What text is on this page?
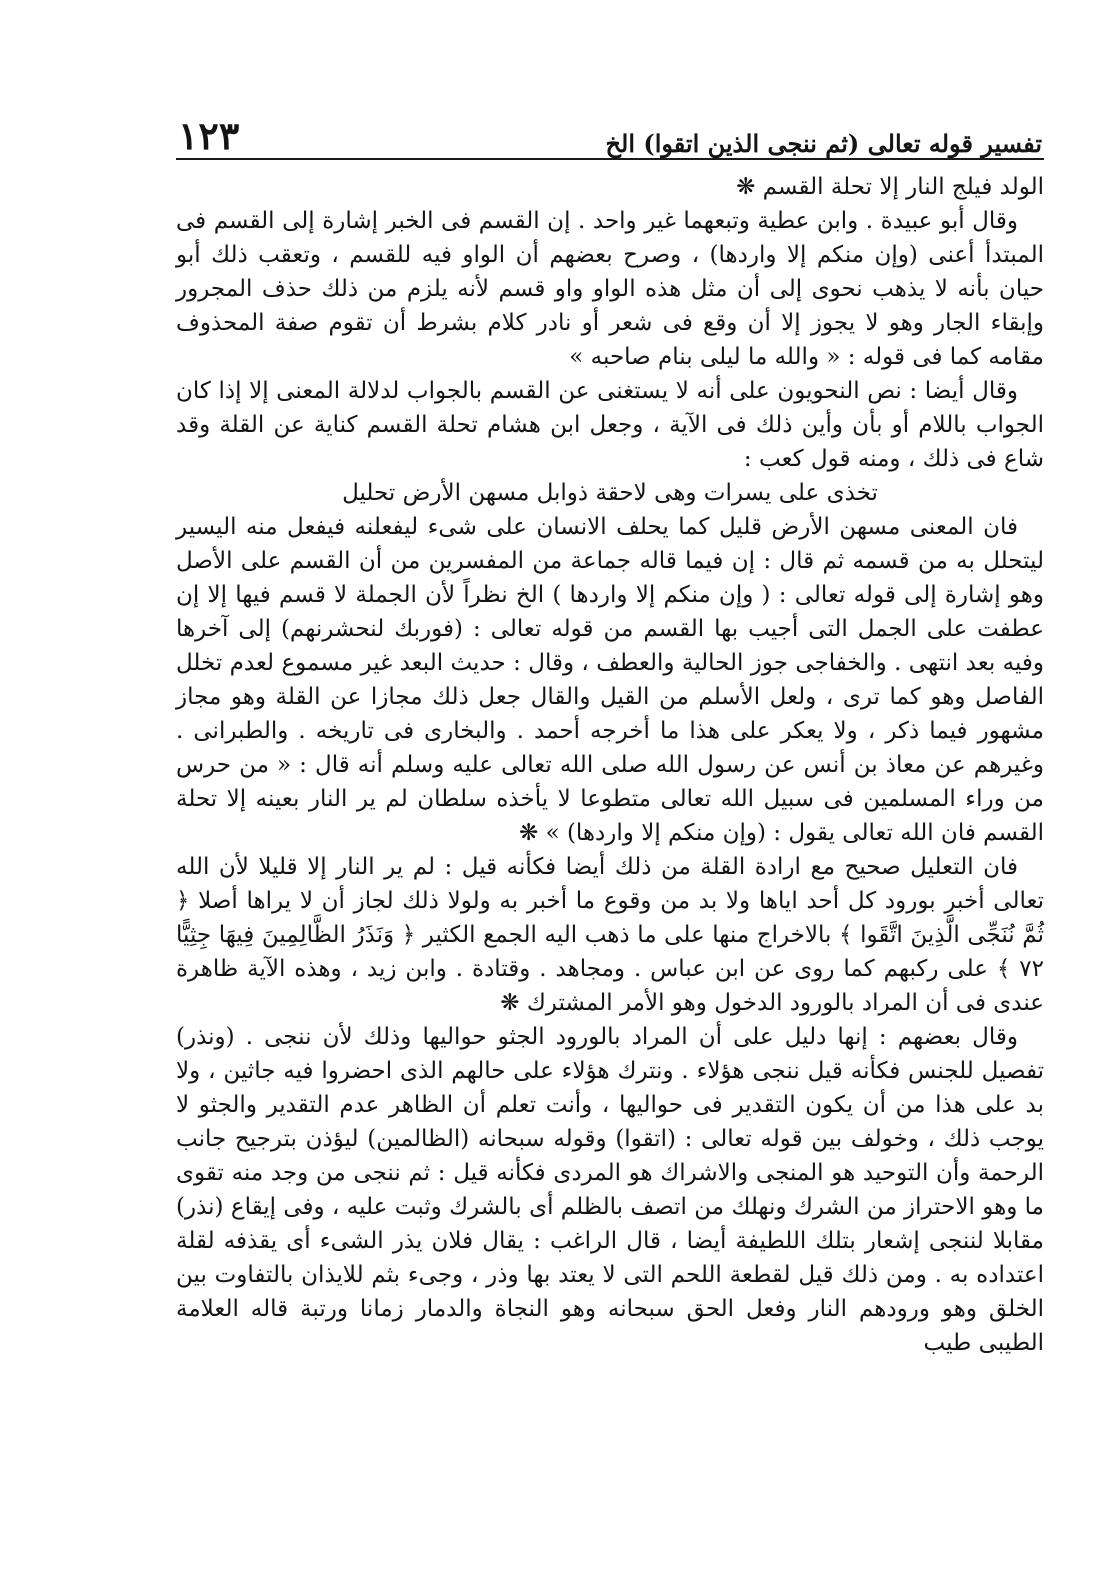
تفسير قوله تعالى (ثم ننجى الذين اتقوا) الخ
١٢٣

الولد فيلج النار إلا تحلة القسم ❋

وقال أبو عبيدة . وابن عطية وتبعهما غير واحد . إن القسم فى الخبر إشارة إلى القسم فى المبتدأ أعنى (وإن منكم إلا واردها) ، وصرح بعضهم أن الواو فيه للقسم ، وتعقب ذلك أبو حيان بأنه لا يذهب نحوى إلى أن مثل هذه الواو واو قسم لأنه يلزم من ذلك حذف المجرور وإبقاء الجار وهو لا يجوز إلا أن وقع فى شعر أو نادر كلام بشرط أن تقوم صفة المحذوف مقامه كما فى قوله : « والله ما ليلى بنام صاحبه »

وقال أيضا : نص النحويون على أنه لا يستغنى عن القسم بالجواب لدلالة المعنى إلا إذا كان الجواب باللام أو بأن وأين ذلك فى الآية ، وجعل ابن هشام تحلة القسم كناية عن القلة وقد شاع فى ذلك ، ومنه قول كعب :

تخذى على يسرات وهى لاحقة ذوابل مسهن الأرض تحليل

فان المعنى مسهن الأرض قليل كما يحلف الانسان على شىء ليفعلنه فيفعل منه اليسير ليتحلل به من قسمه ثم قال : إن فيما قاله جماعة من المفسرين من أن القسم على الأصل وهو إشارة إلى قوله تعالى : ( وإن منكم إلا واردها ) الخ نظراً لأن الجملة لا قسم فيها إلا إن عطفت على الجمل التى أجيب بها القسم من قوله تعالى : (فوربك لنحشرنهم) إلى آخرها وفيه بعد انتهى . والخفاجى جوز الحالية والعطف ، وقال : حديث البعد غير مسموع لعدم تخلل الفاصل وهو كما ترى ، ولعل الأسلم من القيل والقال جعل ذلك مجازا عن القلة وهو مجاز مشهور فيما ذكر ، ولا يعكر على هذا ما أخرجه أحمد . والبخارى فى تاريخه . والطبرانى . وغيرهم عن معاذ بن أنس عن رسول الله صلى الله تعالى عليه وسلم أنه قال : « من حرس من وراء المسلمين فى سبيل الله تعالى متطوعا لا يأخذه سلطان لم ير النار بعينه إلا تحلة القسم فان الله تعالى يقول : (وإن منكم إلا واردها) » ❋

فان التعليل صحيح مع ارادة القلة من ذلك أيضا فكأنه قيل : لم ير النار إلا قليلا لأن الله تعالى أخبر بورود كل أحد اياها ولا بد من وقوع ما أخبر به ولولا ذلك لجاز أن لا يراها أصلا ﴿ ثُمَّ نُنَجِّى الَّذِينَ اتَّقَوا ﴾ بالاخراج منها على ما ذهب اليه الجمع الكثير ﴿ وَنَذَرُ الظَّالِمِينَ فِيهَا جِثِيًّا ٧٢ ﴾ على ركبهم كما روى عن ابن عباس . ومجاهد . وقتادة . وابن زيد ، وهذه الآية ظاهرة عندى فى أن المراد بالورود الدخول وهو الأمر المشترك ❋

وقال بعضهم : إنها دليل على أن المراد بالورود الجثو حواليها وذلك لأن ننجى . (ونذر) تفصيل للجنس فكأنه قيل ننجى هؤلاء . ونترك هؤلاء على حالهم الذى احضروا فيه جاثين ، ولا بد على هذا من أن يكون التقدير فى حواليها ، وأنت تعلم أن الظاهر عدم التقدير والجثو لا يوجب ذلك ، وخولف بين قوله تعالى : (اتقوا) وقوله سبحانه (الظالمين) ليؤذن بترجيح جانب الرحمة وأن التوحيد هو المنجى والاشراك هو المردى فكأنه قيل : ثم ننجى من وجد منه تقوى ما وهو الاحتراز من الشرك ونهلك من اتصف بالظلم أى بالشرك وثبت عليه ، وفى إيقاع (نذر) مقابلا لننجى إشعار بتلك اللطيفة أيضا ، قال الراغب : يقال فلان يذر الشىء أى يقذفه لقلة اعتداده به . ومن ذلك قيل لقطعة اللحم التى لا يعتد بها وذر ، وجىء بثم للايذان بالتفاوت بين الخلق وهو ورودهم النار وفعل الحق سبحانه وهو النجاة والدمار زمانا ورتبة قاله العلامة الطيبى طيب
